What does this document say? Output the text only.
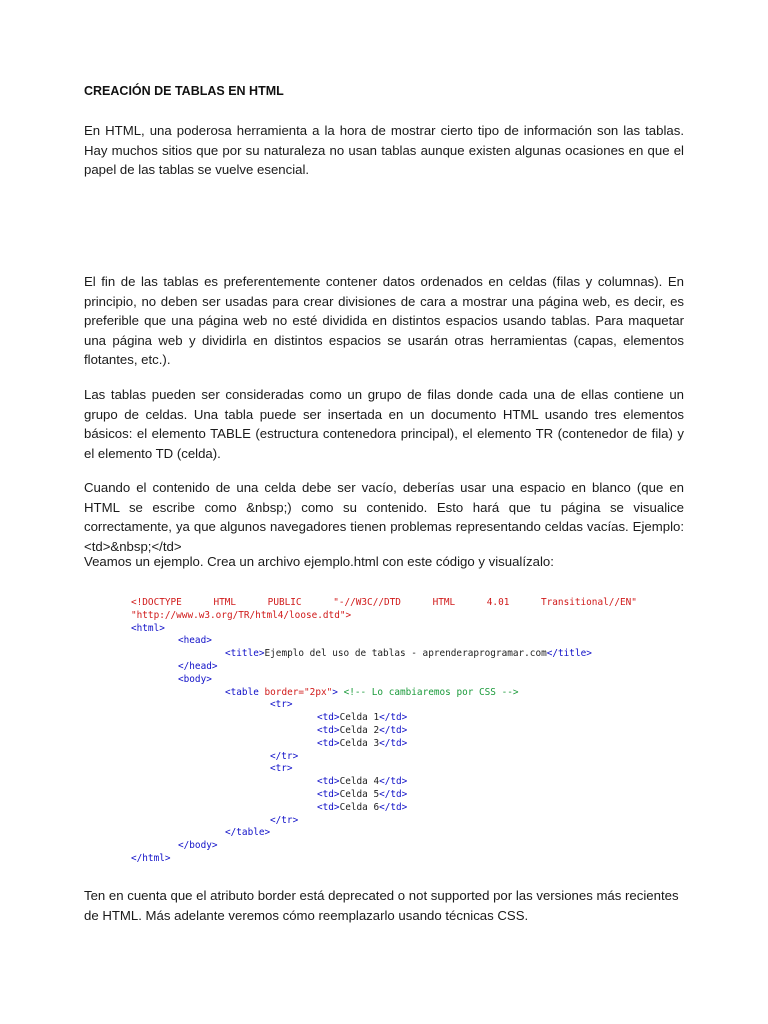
CREACIÓN DE TABLAS EN HTML

En HTML, una poderosa herramienta a la hora de mostrar cierto tipo de información son las tablas. Hay muchos sitios que por su naturaleza no usan tablas aunque existen algunas ocasiones en que el papel de las tablas se vuelve esencial.

El fin de las tablas es preferentemente contener datos ordenados en celdas (filas y columnas). En principio, no deben ser usadas para crear divisiones de cara a mostrar una página web, es decir, es preferible que una página web no esté dividida en distintos espacios usando tablas. Para maquetar una página web y dividirla en distintos espacios se usarán otras herramientas (capas, elementos flotantes, etc.).

Las tablas pueden ser consideradas como un grupo de filas donde cada una de ellas contiene un grupo de celdas. Una tabla puede ser insertada en un documento HTML usando tres elementos básicos: el elemento TABLE (estructura contenedora principal), el elemento TR (contenedor de fila) y el elemento TD (celda).

Cuando el contenido de una celda debe ser vacío, deberías usar una espacio en blanco (que en HTML se escribe como &nbsp;) como su contenido. Esto hará que tu página se visualice correctamente, ya que algunos navegadores tienen problemas representando celdas vacías. Ejemplo: <td>&nbsp;</td>

Veamos un ejemplo. Crea un archivo ejemplo.html con este código y visualízalo:

<!DOCTYPE	HTML	PUBLIC	"-//W3C//DTD	HTML	4.01	Transitional//EN"
"http://www.w3.org/TR/html4/loose.dtd">
<html>
<head>
<title>Ejemplo del uso de tablas - aprenderaprogramar.com</title>
</head>
<body>
<table border="2px"> <!-- Lo cambiaremos por CSS -->
<tr>
<td>Celda 1</td>
<td>Celda 2</td>
<td>Celda 3</td>
</tr>
<tr>
<td>Celda 4</td>
<td>Celda 5</td>
<td>Celda 6</td>
</tr>
</table>
</body>
</html>

Ten en cuenta que el atributo border está deprecated o not supported por las versiones más recientes de HTML. Más adelante veremos cómo reemplazarlo usando técnicas CSS.
